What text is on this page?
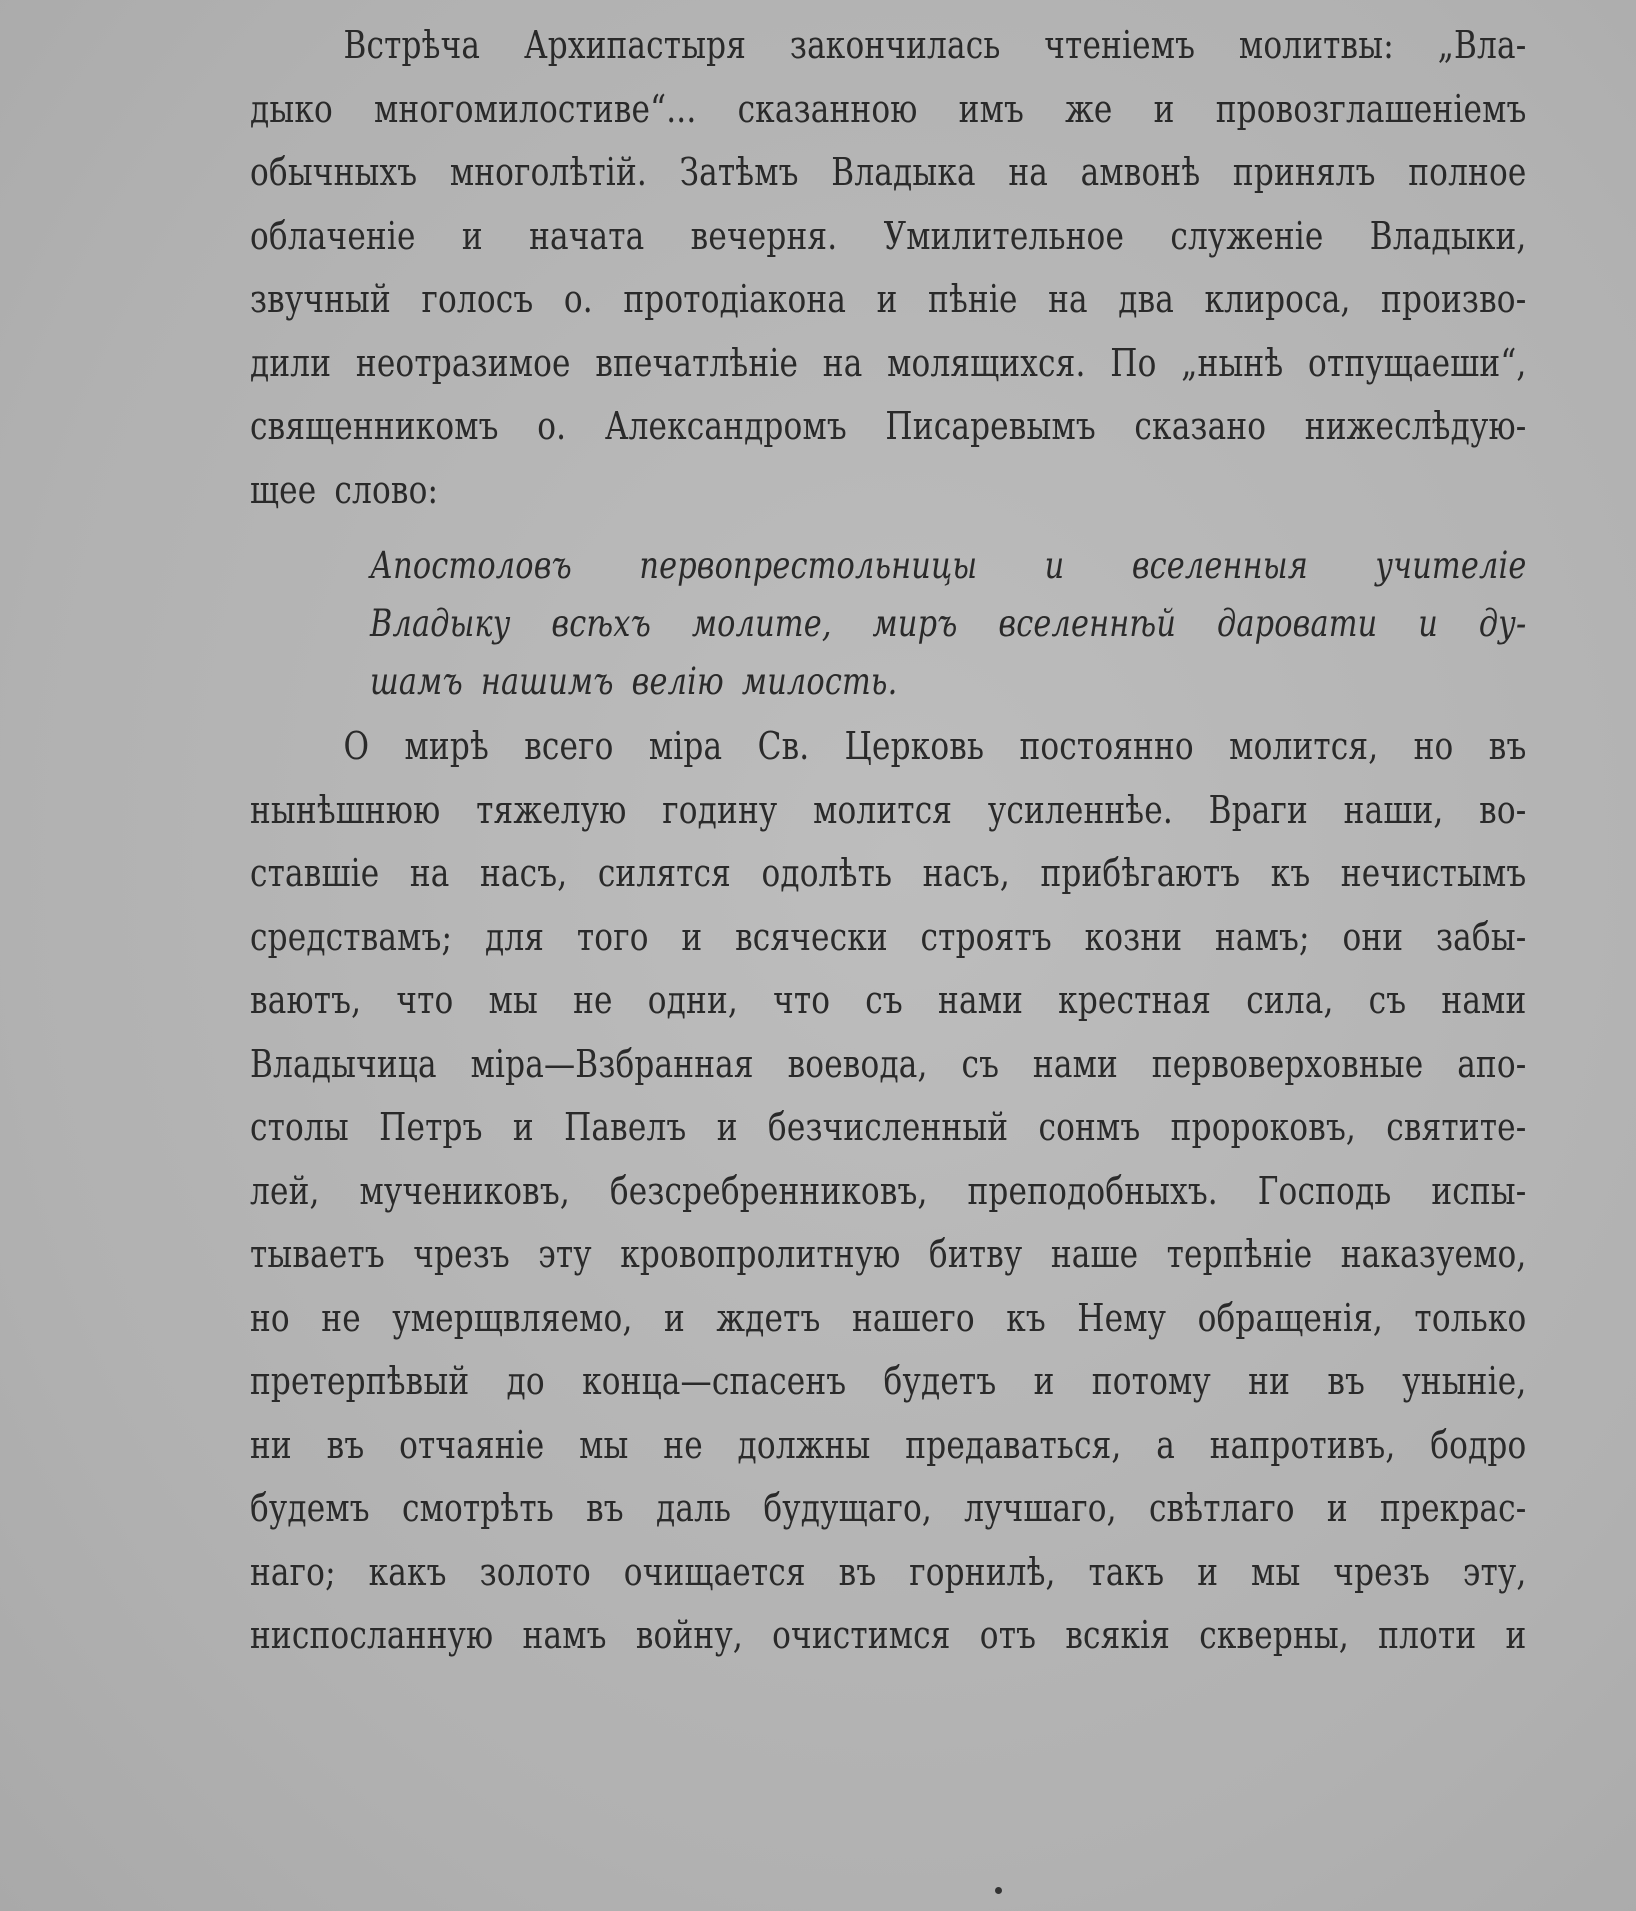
Встрѣча Архипастыря закончилась чтеніемъ молитвы: „Вла-
дыко многомилостиве“... сказанною имъ же и провозглашеніемъ
обычныхъ многолѣтій. Затѣмъ Владыка на амвонѣ принялъ полное
облаченіе и начата вечерня. Умилительное служеніе Владыки,
звучный голосъ о. протодіакона и пѣніе на два клироса, произво-
дили неотразимое впечатлѣніе на молящихся. По „нынѣ отпущаеши“,
священникомъ о. Александромъ Писаревымъ сказано нижеслѣдую-
щее слово:
Апостоловъ первопрестольницы и вселенныя учителіе
Владыку всѣхъ молите, миръ вселеннѣй даровати и ду-
шамъ нашимъ велію милость.
О мирѣ всего міра Св. Церковь постоянно молится, но въ
нынѣшнюю тяжелую годину молится усиленнѣе. Враги наши, во-
ставшіе на насъ, силятся одолѣть насъ, прибѣгаютъ къ нечистымъ
средствамъ; для того и всячески строятъ козни намъ; они забы-
ваютъ, что мы не одни, что съ нами крестная сила, съ нами
Владычица міра—Взбранная воевода, съ нами первоверховные апо-
столы Петръ и Павелъ и безчисленный сонмъ пророковъ, святите-
лей, мучениковъ, безсребренниковъ, преподобныхъ. Господь испы-
тываетъ чрезъ эту кровопролитную битву наше терпѣніе наказуемо,
но не умерщвляемо, и ждетъ нашего къ Нему обращенія, только
претерпѣвый до конца—спасенъ будетъ и потому ни въ уныніе,
ни въ отчаяніе мы не должны предаваться, а напротивъ, бодро
будемъ смотрѣть въ даль будущаго, лучшаго, свѣтлаго и прекрас-
наго; какъ золото очищается въ горнилѣ, такъ и мы чрезъ эту,
ниспосланную намъ войну, очистимся отъ всякія скверны, плоти и
